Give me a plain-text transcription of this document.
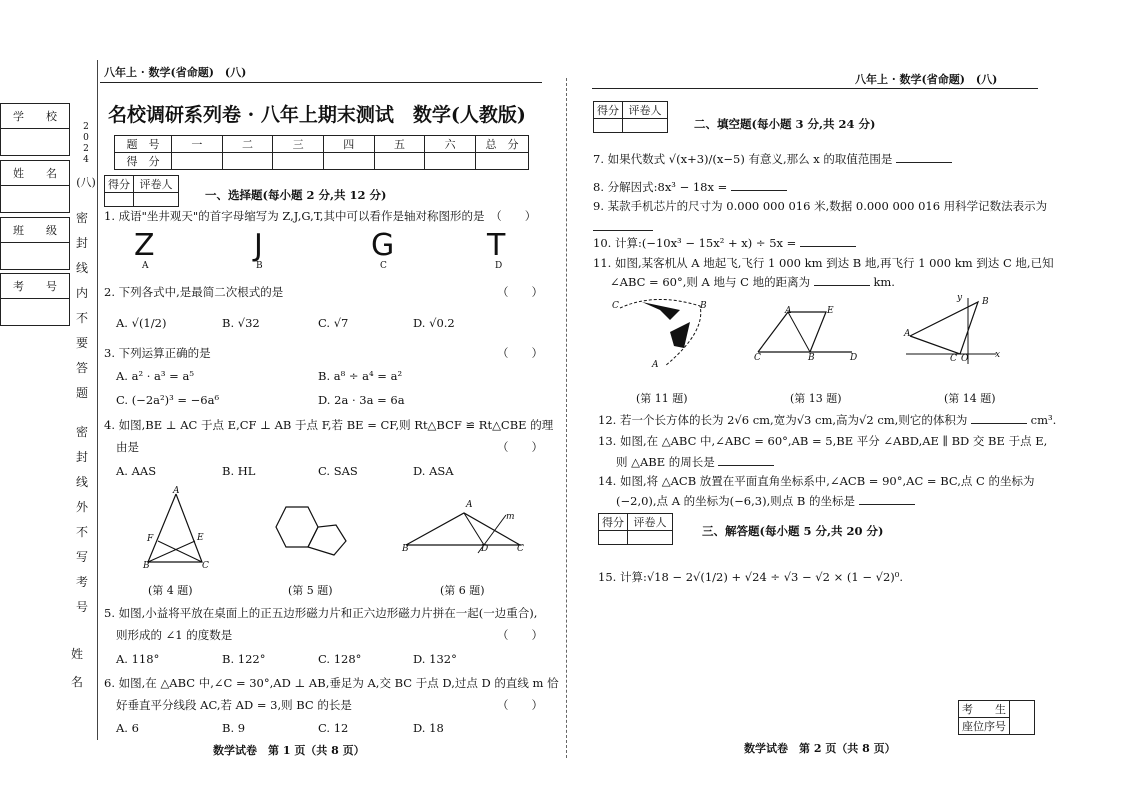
学　　校

姓　　名

班　　级

考　　号

2
0
2
4
(八)
密
封
线
内
不
要
答
题
密
封
线
外
不
写
考
号
姓
名
八年上 · 数学(省命题)　(八)
名校调研系列卷 · 八年上期末测试　数学(人教版)
题　号	一	二	三	四	五	六	总　分
得　分							
得分	评卷人

一、选择题(每小题 2 分,共 12 分)
1. 成语"坐井观天"的首字母缩写为 Z,J,G,T,其中可以看作是轴对称图形的是　（　　）
Z	J	G	T
A	B	C	D
2. 下列各式中,是最简二次根式的是	（　　）
A. √(1/2)	B. √32	C. √7	D. √0.2
3. 下列运算正确的是	（　　）
A. a² · a³ = a⁵	B. a⁸ ÷ a⁴ = a²
C. (−2a²)³ = −6a⁶	D. 2a · 3a = 6a
4. 如图,BE ⊥ AC 于点 E,CF ⊥ AB 于点 F,若 BE = CF,则 Rt△BCF ≌ Rt△CBE 的理
由是	（　　）
A. AAS	B. HL	C. SAS	D. ASA
A
F	E
B	C
A
B	D	C
m
(第 4 题)	(第 5 题)	(第 6 题)
5. 如图,小益将平放在桌面上的正五边形磁力片和正六边形磁力片拼在一起(一边重合),
则形成的 ∠1 的度数是	（　　）
A. 118°	B. 122°	C. 128°	D. 132°
6. 如图,在 △ABC 中,∠C = 30°,AD ⊥ AB,垂足为 A,交 BC 于点 D,过点 D 的直线 m 恰
好垂直平分线段 AC,若 AD = 3,则 BC 的长是	（　　）
A. 6	B. 9	C. 12	D. 18
数学试卷　第 1 页（共 8 页）
八年上 · 数学(省命题)　(八)
得分	评卷人

二、填空题(每小题 3 分,共 24 分)
7. 如果代数式 √(x+3)/(x−5) 有意义,那么 x 的取值范围是
8. 分解因式:8x³ − 18x =
9. 某款手机芯片的尺寸为 0.000 000 016 米,数据 0.000 000 016 用科学记数法表示为
10. 计算:(−10x³ − 15x² + x) ÷ 5x =
11. 如图,某客机从 A 地起飞,飞行 1 000 km 到达 B 地,再飞行 1 000 km 到达 C 地,已知
∠ABC = 60°,则 A 地与 C 地的距离为	km.
C	B
A
A	E
B
C	D
y
A
B
C O	x
(第 11 题)	(第 13 题)	(第 14 题)
12. 若一个长方体的长为 2√6 cm,宽为√3 cm,高为√2 cm,则它的体积为	cm³.
13. 如图,在 △ABC 中,∠ABC = 60°,AB = 5,BE 平分 ∠ABD,AE ∥ BD 交 BE 于点 E,
则 △ABE 的周长是
14. 如图,将 △ACB 放置在平面直角坐标系中,∠ACB = 90°,AC = BC,点 C 的坐标为
(−2,0),点 A 的坐标为(−6,3),则点 B 的坐标是
得分	评卷人

三、解答题(每小题 5 分,共 20 分)
15. 计算:√18 − 2√(1/2) + √24 ÷ √3 − √2 × (1 − √2)⁰.
考　　生	
座位序号
数学试卷　第 2 页（共 8 页）
